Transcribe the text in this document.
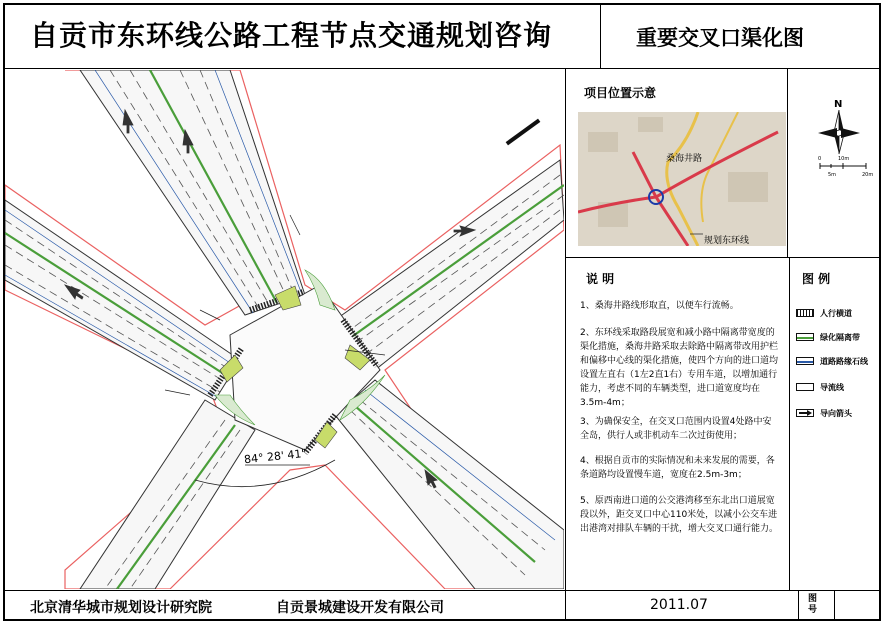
自贡市东环线公路工程节点交通规划咨询	重要交叉口渠化图
84° 28' 41"
项目位置示意
桑海井路
规划东环线
N
0	10m
5m	20m
说 明
1、桑海井路线形取直，以便车行流畅。
2、东环线采取路段展宽和减小路中隔离带宽度的渠化措施，桑海井路采取去除路中隔离带改用护栏和偏移中心线的渠化措施，使四个方向的进口道均设置左直右（1左2直1右）专用车道，以增加通行能力，考虑不同的车辆类型，进口道宽度均在3.5m-4m；
3、为确保安全，在交叉口范围内设置4处路中安全岛，供行人或非机动车二次过街使用；
4、根据自贡市的实际情况和未来发展的需要，各条道路均设置慢车道，宽度在2.5m-3m；
5、原西南进口道的公交港湾移至东北出口道展宽段以外，距交叉口中心110米处，以减小公交车进出港湾对排队车辆的干扰，增大交叉口通行能力。
图 例
人行横道
绿化隔离带
道路路缘石线
导流线
导向箭头
北京清华城市规划设计研究院	自贡景城建设开发有限公司	2011.07	图号
